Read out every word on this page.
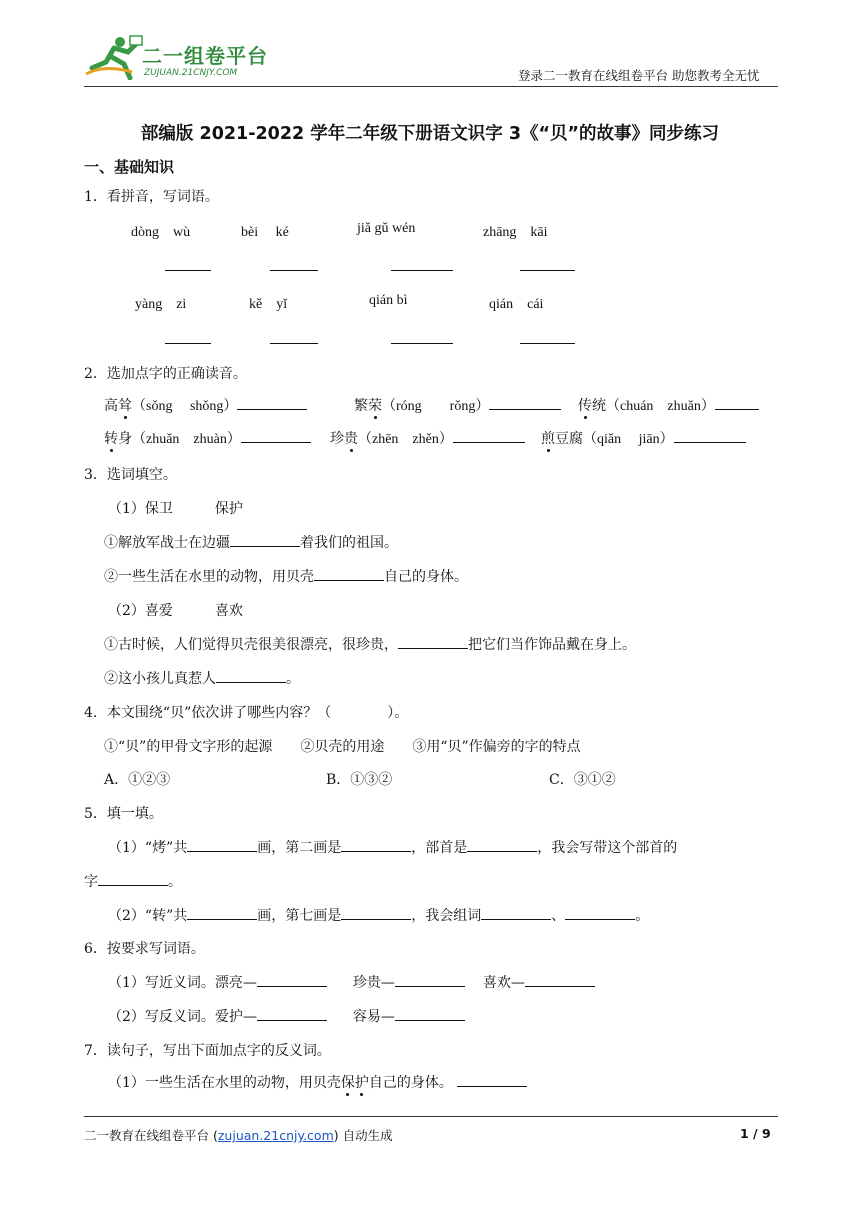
二一组卷平台
ZUJUAN.21CNJY.COM	登录二一教育在线组卷平台 助您教考全无忧
部编版 2021-2022 学年二年级下册语文识字 3《“贝”的故事》同步练习
一、基础知识
1．看拼音，写词语。
dòng　wù	bèi　 ké	jiǎ gǔ wén	zhāng　kāi
yàng　zi	kě　yǐ	qián bì	qián　cái
2．选加点字的正确读音。
高耸（sǒng　 shǒng）	繁荣（róng　　rǒng）	传统（chuán　zhuǎn）
转身（zhuǎn　zhuàn）	珍贵（zhēn　zhěn）	煎豆腐（qiǎn　 jiān）
3．选词填空。
（1）保卫　　　保护
①解放军战士在边疆	着我们的祖国。
②一些生活在水里的动物，用贝壳	自己的身体。
（2）喜爱　　　喜欢
①古时候，人们觉得贝壳很美很漂亮，很珍贵，	把它们当作饰品戴在身上。
②这小孩儿真惹人	。
4．本文围绕“贝”依次讲了哪些内容？（　　　　）。
①“贝”的甲骨文字形的起源　　②贝壳的用途　　③用“贝”作偏旁的字的特点
A．①②③	B．①③②	C．③①②
5．填一填。
（1）“烤”共	画，第二画是	，部首是	，我会写带这个部首的
字	。
（2）“转”共	画，第七画是	，我会组词	、	。
6．按要求写词语。
（1）写近义词。漂亮—	珍贵—	喜欢—
（2）写反义词。爱护—	容易—
7．读句子，写出下面加点字的反义词。
（1）一些生活在水里的动物，用贝壳保护自己的身体。
二一教育在线组卷平台 (zujuan.21cnjy.com) 自动生成	1 / 9
